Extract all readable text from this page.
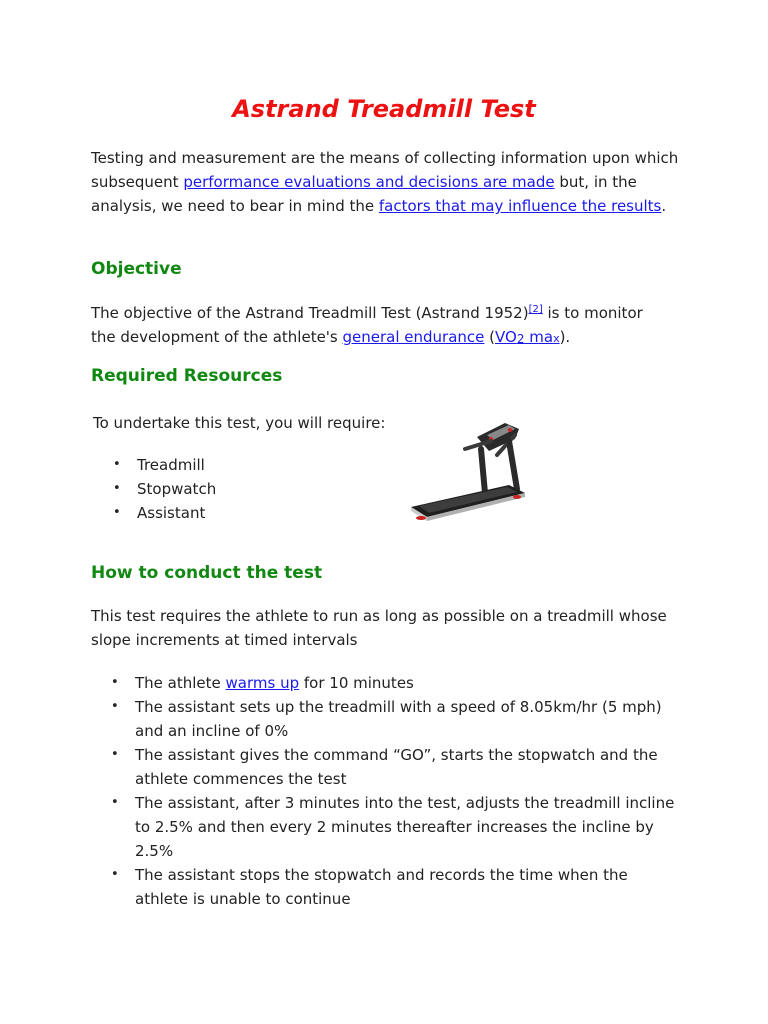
Astrand Treadmill Test

Testing and measurement are the means of collecting information upon which subsequent performance evaluations and decisions are made but, in the analysis, we need to bear in mind the factors that may influence the results.

Objective

The objective of the Astrand Treadmill Test (Astrand 1952)[2] is to monitor the development of the athlete's general endurance ($VO_2$ max).

Required Resources

To undertake this test, you will require:

• Treadmill
• Stopwatch
• Assistant
How to conduct the test

This test requires the athlete to run as long as possible on a treadmill whose slope increments at timed intervals

• The athlete warms up for 10 minutes
• The assistant sets up the treadmill with a speed of 8.05km/hr (5 mph) and an incline of 0%
• The assistant gives the command “GO”, starts the stopwatch and the athlete commences the test
• The assistant, after 3 minutes into the test, adjusts the treadmill incline to 2.5% and then every 2 minutes thereafter increases the incline by 2.5%
• The assistant stops the stopwatch and records the time when the athlete is unable to continue
